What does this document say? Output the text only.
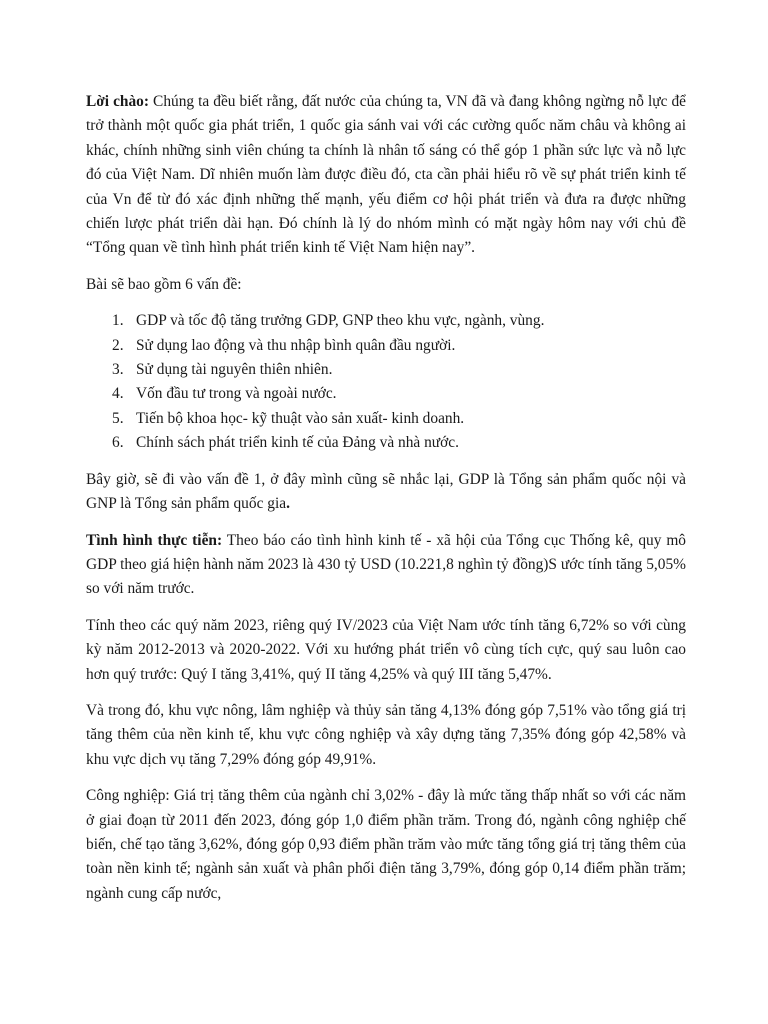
Lời chào: Chúng ta đều biết rằng, đất nước của chúng ta, VN đã và đang không ngừng nỗ lực để trở thành một quốc gia phát triển, 1 quốc gia sánh vai với các cường quốc năm châu và không ai khác, chính những sinh viên chúng ta chính là nhân tố sáng có thể góp 1 phần sức lực và nỗ lực đó của Việt Nam. Dĩ nhiên muốn làm được điều đó, cta cần phải hiểu rõ về sự phát triển kinh tế của Vn để từ đó xác định những thế mạnh, yếu điểm cơ hội phát triển và đưa ra được những chiến lược phát triển dài hạn. Đó chính là lý do nhóm mình có mặt ngày hôm nay với chủ đề “Tổng quan về tình hình phát triển kinh tế Việt Nam hiện nay”.

Bài sẽ bao gồm 6 vấn đề:

1. GDP và tốc độ tăng trưởng GDP, GNP theo khu vực, ngành, vùng.
2. Sử dụng lao động và thu nhập bình quân đầu người.
3. Sử dụng tài nguyên thiên nhiên.
4. Vốn đầu tư trong và ngoài nước.
5. Tiến bộ khoa học- kỹ thuật vào sản xuất- kinh doanh.
6. Chính sách phát triển kinh tế của Đảng và nhà nước.

Bây giờ, sẽ đi vào vấn đề 1, ở đây mình cũng sẽ nhắc lại, GDP là Tổng sản phẩm quốc nội và GNP là Tổng sản phẩm quốc gia.

Tình hình thực tiễn: Theo báo cáo tình hình kinh tế - xã hội của Tổng cục Thống kê, quy mô GDP theo giá hiện hành năm 2023 là 430 tỷ USD (10.221,8 nghìn tỷ đồng)S ước tính tăng 5,05% so với năm trước.

Tính theo các quý năm 2023, riêng quý IV/2023 của Việt Nam ước tính tăng 6,72% so với cùng kỳ năm 2012-2013 và 2020-2022. Với xu hướng phát triển vô cùng tích cực, quý sau luôn cao hơn quý trước: Quý I tăng 3,41%, quý II tăng 4,25% và quý III tăng 5,47%.

Và trong đó, khu vực nông, lâm nghiệp và thủy sản tăng 4,13% đóng góp 7,51% vào tổng giá trị tăng thêm của nền kinh tế, khu vực công nghiệp và xây dựng tăng 7,35% đóng góp 42,58% và khu vực dịch vụ tăng 7,29% đóng góp 49,91%.

Công nghiệp: Giá trị tăng thêm của ngành chỉ 3,02% - đây là mức tăng thấp nhất so với các năm ở giai đoạn từ 2011 đến 2023, đóng góp 1,0 điểm phần trăm. Trong đó, ngành công nghiệp chế biến, chế tạo tăng 3,62%, đóng góp 0,93 điểm phần trăm vào mức tăng tổng giá trị tăng thêm của toàn nền kinh tế; ngành sản xuất và phân phối điện tăng 3,79%, đóng góp 0,14 điểm phần trăm; ngành cung cấp nước,
